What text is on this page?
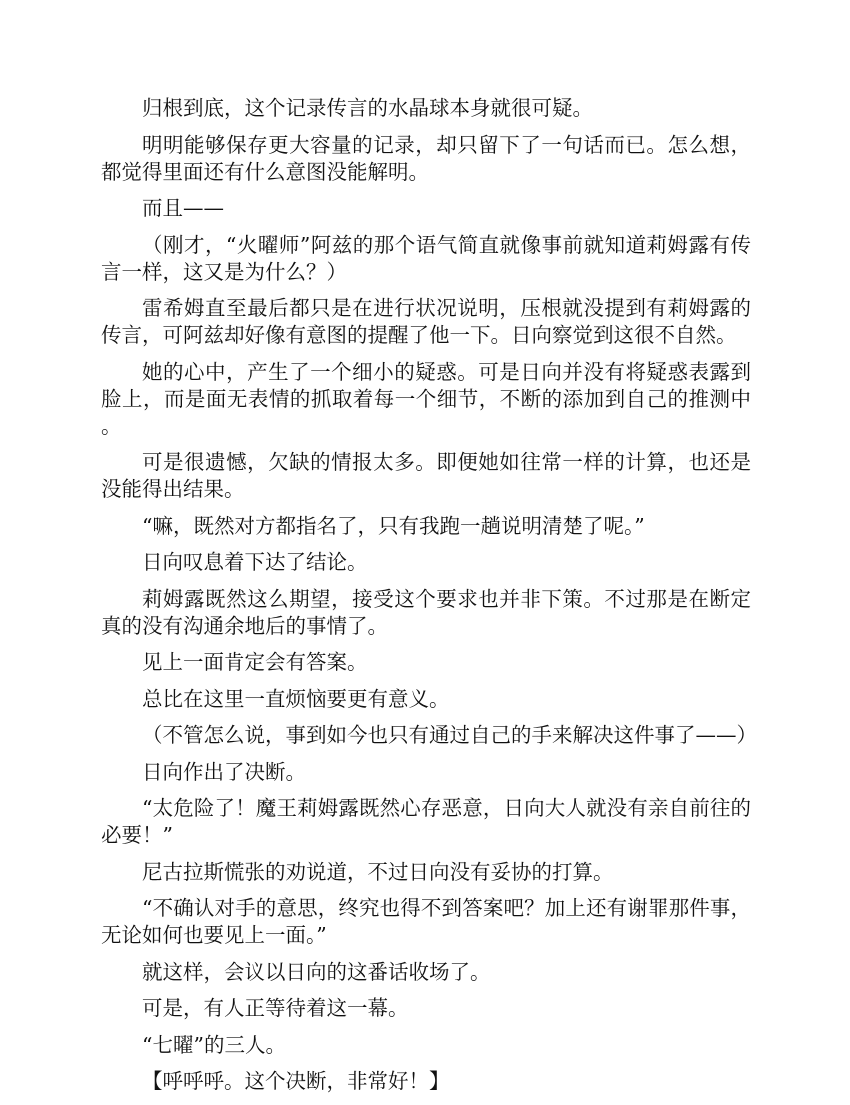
归根到底，这个记录传言的水晶球本身就很可疑。

明明能够保存更大容量的记录，却只留下了一句话而已。怎么想，都觉得里面还有什么意图没能解明。

而且——

（刚才，“火曜师”阿兹的那个语气简直就像事前就知道莉姆露有传言一样，这又是为什么？）

雷希姆直至最后都只是在进行状况说明，压根就没提到有莉姆露的传言，可阿兹却好像有意图的提醒了他一下。日向察觉到这很不自然。

她的心中，产生了一个细小的疑惑。可是日向并没有将疑惑表露到脸上，而是面无表情的抓取着每一个细节，不断的添加到自己的推测中。

可是很遗憾，欠缺的情报太多。即便她如往常一样的计算，也还是没能得出结果。

“嘛，既然对方都指名了，只有我跑一趟说明清楚了呢。”

日向叹息着下达了结论。

莉姆露既然这么期望，接受这个要求也并非下策。不过那是在断定真的没有沟通余地后的事情了。

见上一面肯定会有答案。

总比在这里一直烦恼要更有意义。

（不管怎么说，事到如今也只有通过自己的手来解决这件事了——）

日向作出了决断。

“太危险了！魔王莉姆露既然心存恶意，日向大人就没有亲自前往的必要！”

尼古拉斯慌张的劝说道，不过日向没有妥协的打算。

“不确认对手的意思，终究也得不到答案吧？加上还有谢罪那件事，无论如何也要见上一面。”

就这样，会议以日向的这番话收场了。

可是，有人正等待着这一幕。

“七曜”的三人。

【呼呼呼。这个决断，非常好！】
